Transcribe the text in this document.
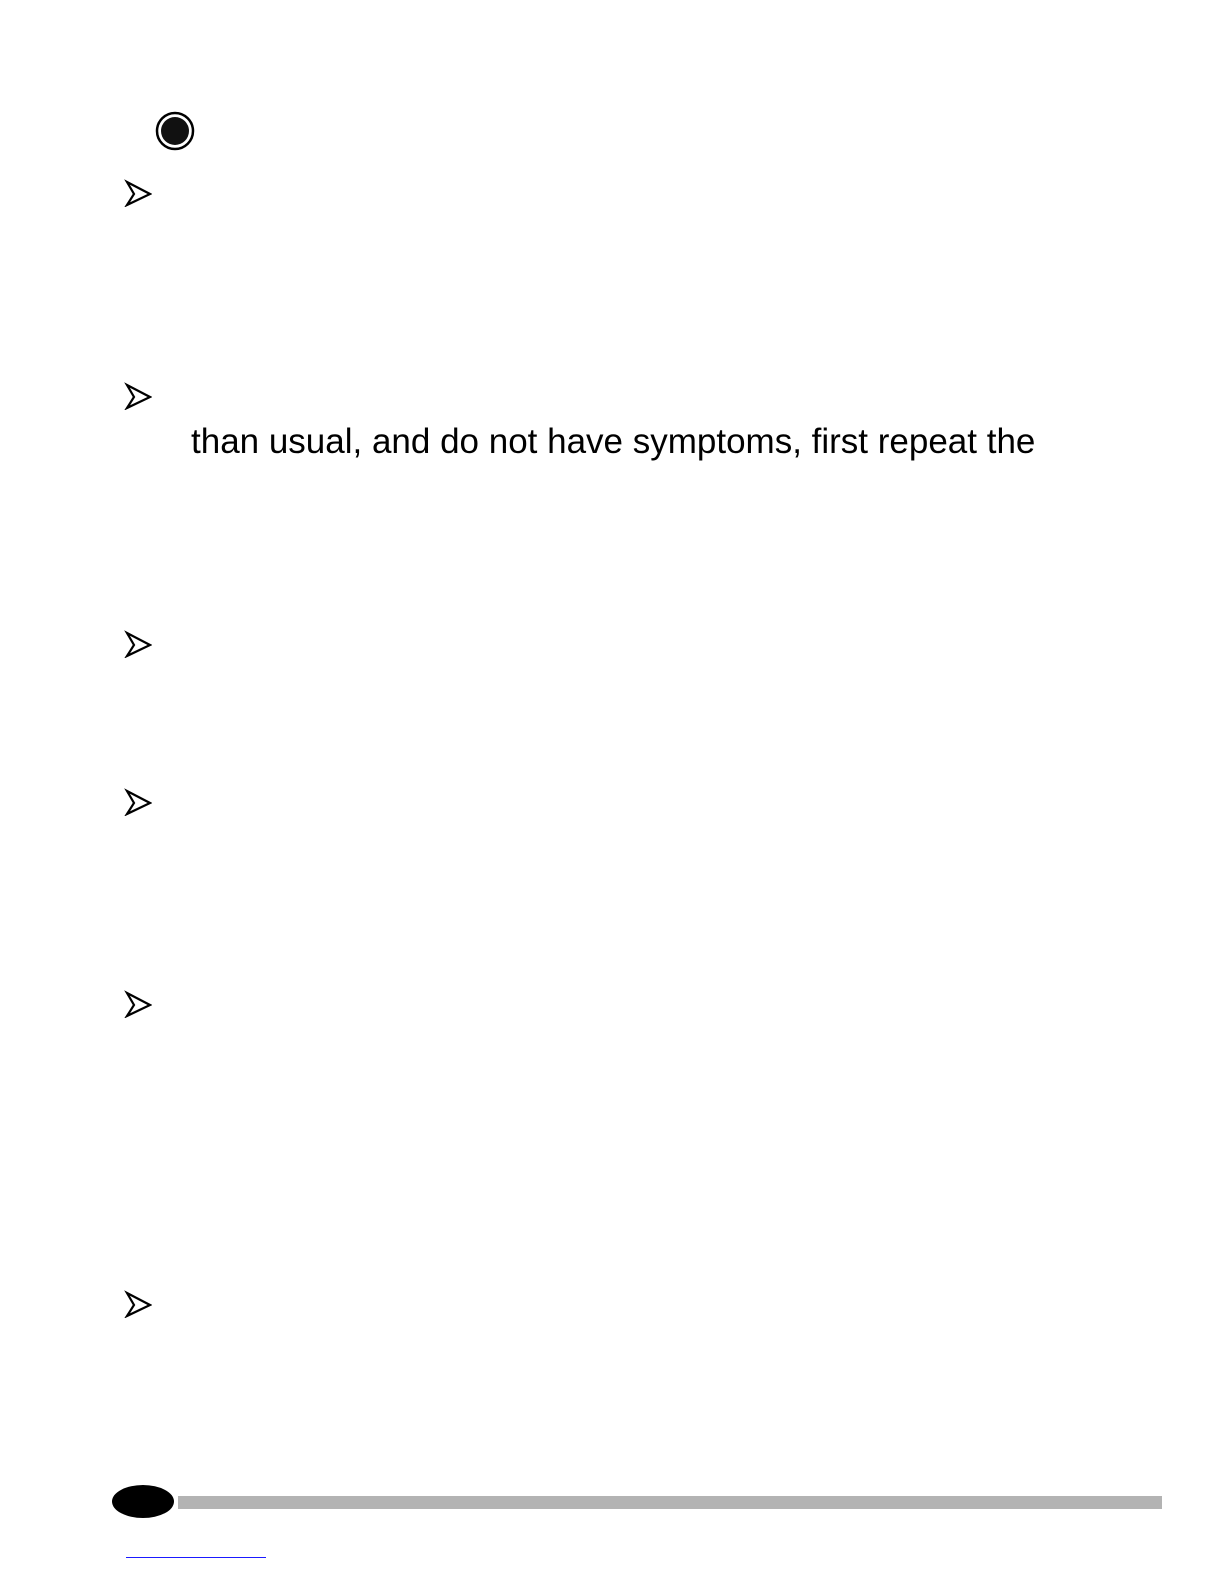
than usual, and do not have symptoms, first repeat the
